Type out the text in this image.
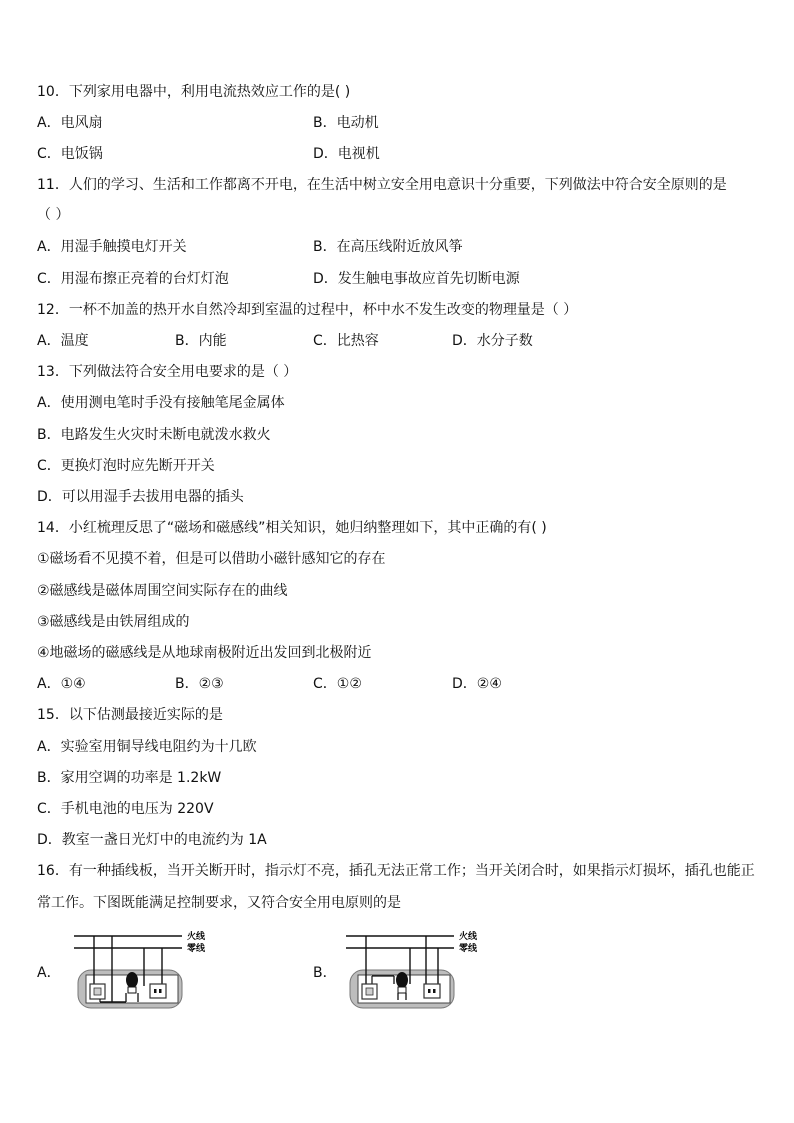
10．下列家用电器中，利用电流热效应工作的是( )
A．电风扇	B．电动机
C．电饭锅	D．电视机
11．人们的学习、生活和工作都离不开电，在生活中树立安全用电意识十分重要，下列做法中符合安全原则的是
（ ）
A．用湿手触摸电灯开关	B．在高压线附近放风筝
C．用湿布擦正亮着的台灯灯泡	D．发生触电事故应首先切断电源
12．一杯不加盖的热开水自然冷却到室温的过程中，杯中水不发生改变的物理量是（ ）
A．温度	B．内能	C．比热容	D．水分子数
13．下列做法符合安全用电要求的是（ ）
A．使用测电笔时手没有接触笔尾金属体
B．电路发生火灾时未断电就泼水救火
C．更换灯泡时应先断开开关
D．可以用湿手去拔用电器的插头
14．小红梳理反思了“磁场和磁感线”相关知识，她归纳整理如下，其中正确的有( )
①磁场看不见摸不着，但是可以借助小磁针感知它的存在
②磁感线是磁体周围空间实际存在的曲线
③磁感线是由铁屑组成的
④地磁场的磁感线是从地球南极附近出发回到北极附近
A．①④	B．②③	C．①②	D．②④
15．以下估测最接近实际的是
A．实验室用铜导线电阻约为十几欧
B．家用空调的功率是 1.2kW
C．手机电池的电压为 220V
D．教室一盏日光灯中的电流约为 1A
16．有一种插线板，当开关断开时，指示灯不亮，插孔无法正常工作；当开关闭合时，如果指示灯损坏，插孔也能正
常工作。下图既能满足控制要求，又符合安全用电原则的是
A．
火线
零线
B．
火线
零线
